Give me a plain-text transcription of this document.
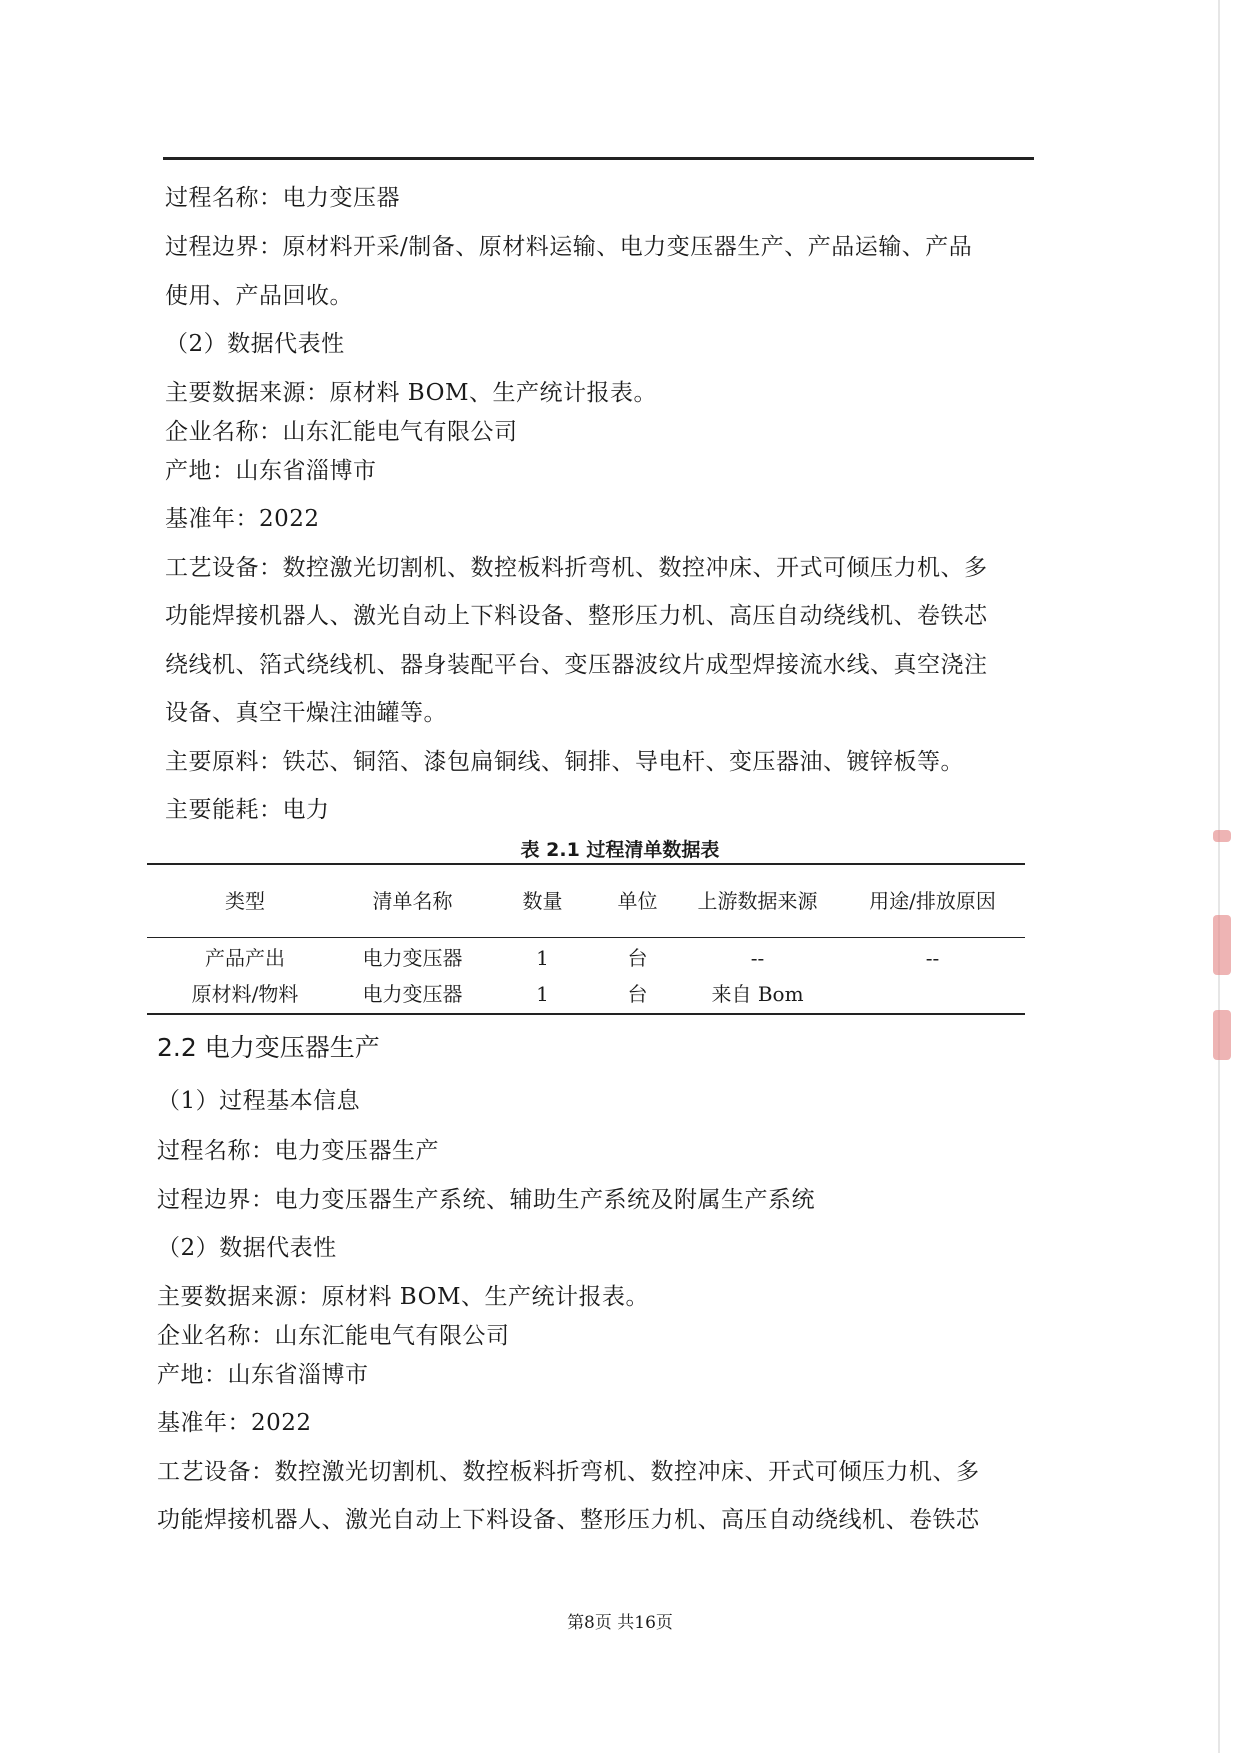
过程名称：电力变压器
过程边界：原材料开采/制备、原材料运输、电力变压器生产、产品运输、产品
使用、产品回收。
（2）数据代表性
主要数据来源：原材料 BOM、生产统计报表。
企业名称：山东汇能电气有限公司
产地：山东省淄博市
基准年：2022
工艺设备：数控激光切割机、数控板料折弯机、数控冲床、开式可倾压力机、多
功能焊接机器人、激光自动上下料设备、整形压力机、高压自动绕线机、卷铁芯
绕线机、箔式绕线机、器身装配平台、变压器波纹片成型焊接流水线、真空浇注
设备、真空干燥注油罐等。
主要原料：铁芯、铜箔、漆包扁铜线、铜排、导电杆、变压器油、镀锌板等。
主要能耗：电力
表 2.1 过程清单数据表
类型	清单名称	数量	单位	上游数据来源	用途/排放原因
产品产出	电力变压器	1	台	--	--
原材料/物料	电力变压器	1	台	来自 Bom
2.2 电力变压器生产
（1）过程基本信息
过程名称：电力变压器生产
过程边界：电力变压器生产系统、辅助生产系统及附属生产系统
（2）数据代表性
主要数据来源：原材料 BOM、生产统计报表。
企业名称：山东汇能电气有限公司
产地：山东省淄博市
基准年：2022
工艺设备：数控激光切割机、数控板料折弯机、数控冲床、开式可倾压力机、多
功能焊接机器人、激光自动上下料设备、整形压力机、高压自动绕线机、卷铁芯
第8页 共16页
